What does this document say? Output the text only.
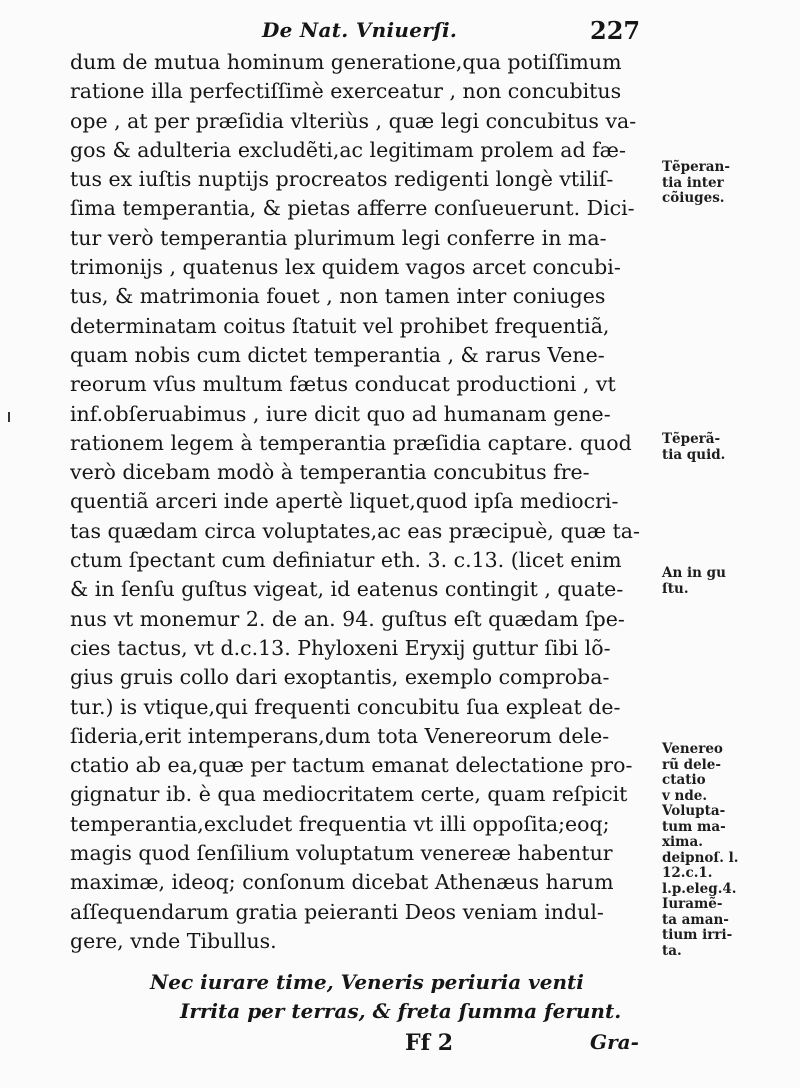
De Nat. Vniuerſi.	227
dum de mutua hominum generatione,qua potiſſimum
ratione illa perfectiſſimè exerceatur , non concubitus
ope , at per præſidia vlteriùs , quæ legi concubitus va-
gos & adulteria excludẽti,ac legitimam prolem ad fæ-
tus ex iuſtis nuptijs procreatos redigenti longè vtiliſ-
ſima temperantia, & pietas afferre conſueuerunt. Dici-
tur verò temperantia plurimum legi conferre in ma-
trimonijs , quatenus lex quidem vagos arcet concubi-
tus, & matrimonia fouet , non tamen inter coniuges
determinatam coitus ſtatuit vel prohibet frequentiã,
quam nobis cum dictet temperantia , & rarus Vene-
reorum vſus multum fætus conducat productioni , vt
inf.obſeruabimus , iure dicit quo ad humanam gene-
rationem legem à temperantia præſidia captare. quod
verò dicebam modò à temperantia concubitus fre-
quentiã arceri inde apertè liquet,quod ipſa mediocri-
tas quædam circa voluptates,ac eas præcipuè, quæ ta-
ctum ſpectant cum definiatur eth. 3. c.13. (licet enim
& in ſenſu guſtus vigeat, id eatenus contingit , quate-
nus vt monemur 2. de an. 94. guſtus eſt quædam ſpe-
cies tactus, vt d.c.13. Phyloxeni Eryxij guttur ſibi lõ-
gius gruis collo dari exoptantis, exemplo comproba-
tur.) is vtique,qui frequenti concubitu ſua expleat de-
ſideria,erit intemperans,dum tota Venereorum dele-
ctatio ab ea,quæ per tactum emanat delectatione pro-
gignatur ib. è qua mediocritatem certe, quam reſpicit
temperantia,excludet frequentia vt illi oppoſita;eoq;
magis quod ſenſilium voluptatum venereæ habentur
maximæ, ideoq; conſonum dicebat Athenæus harum
aſſequendarum gratia peieranti Deos veniam indul-
gere, vnde Tibullus.
Nec iurare time, Veneris periuria venti
Irrita per terras, & freta ſumma ferunt.
Ff 2	Gra-
Tẽperan-
tia inter
cõiuges.
Tẽperã-
tia quid.
An in gu
ſtu.
Venereo
rũ dele-
ctatio
v nde.
Volupta-
tum ma-
xima.
deipnoſ. l.
12.c.1.
l.p.eleg.4.
Iuramẽ-
ta aman-
tium irri-
ta.
